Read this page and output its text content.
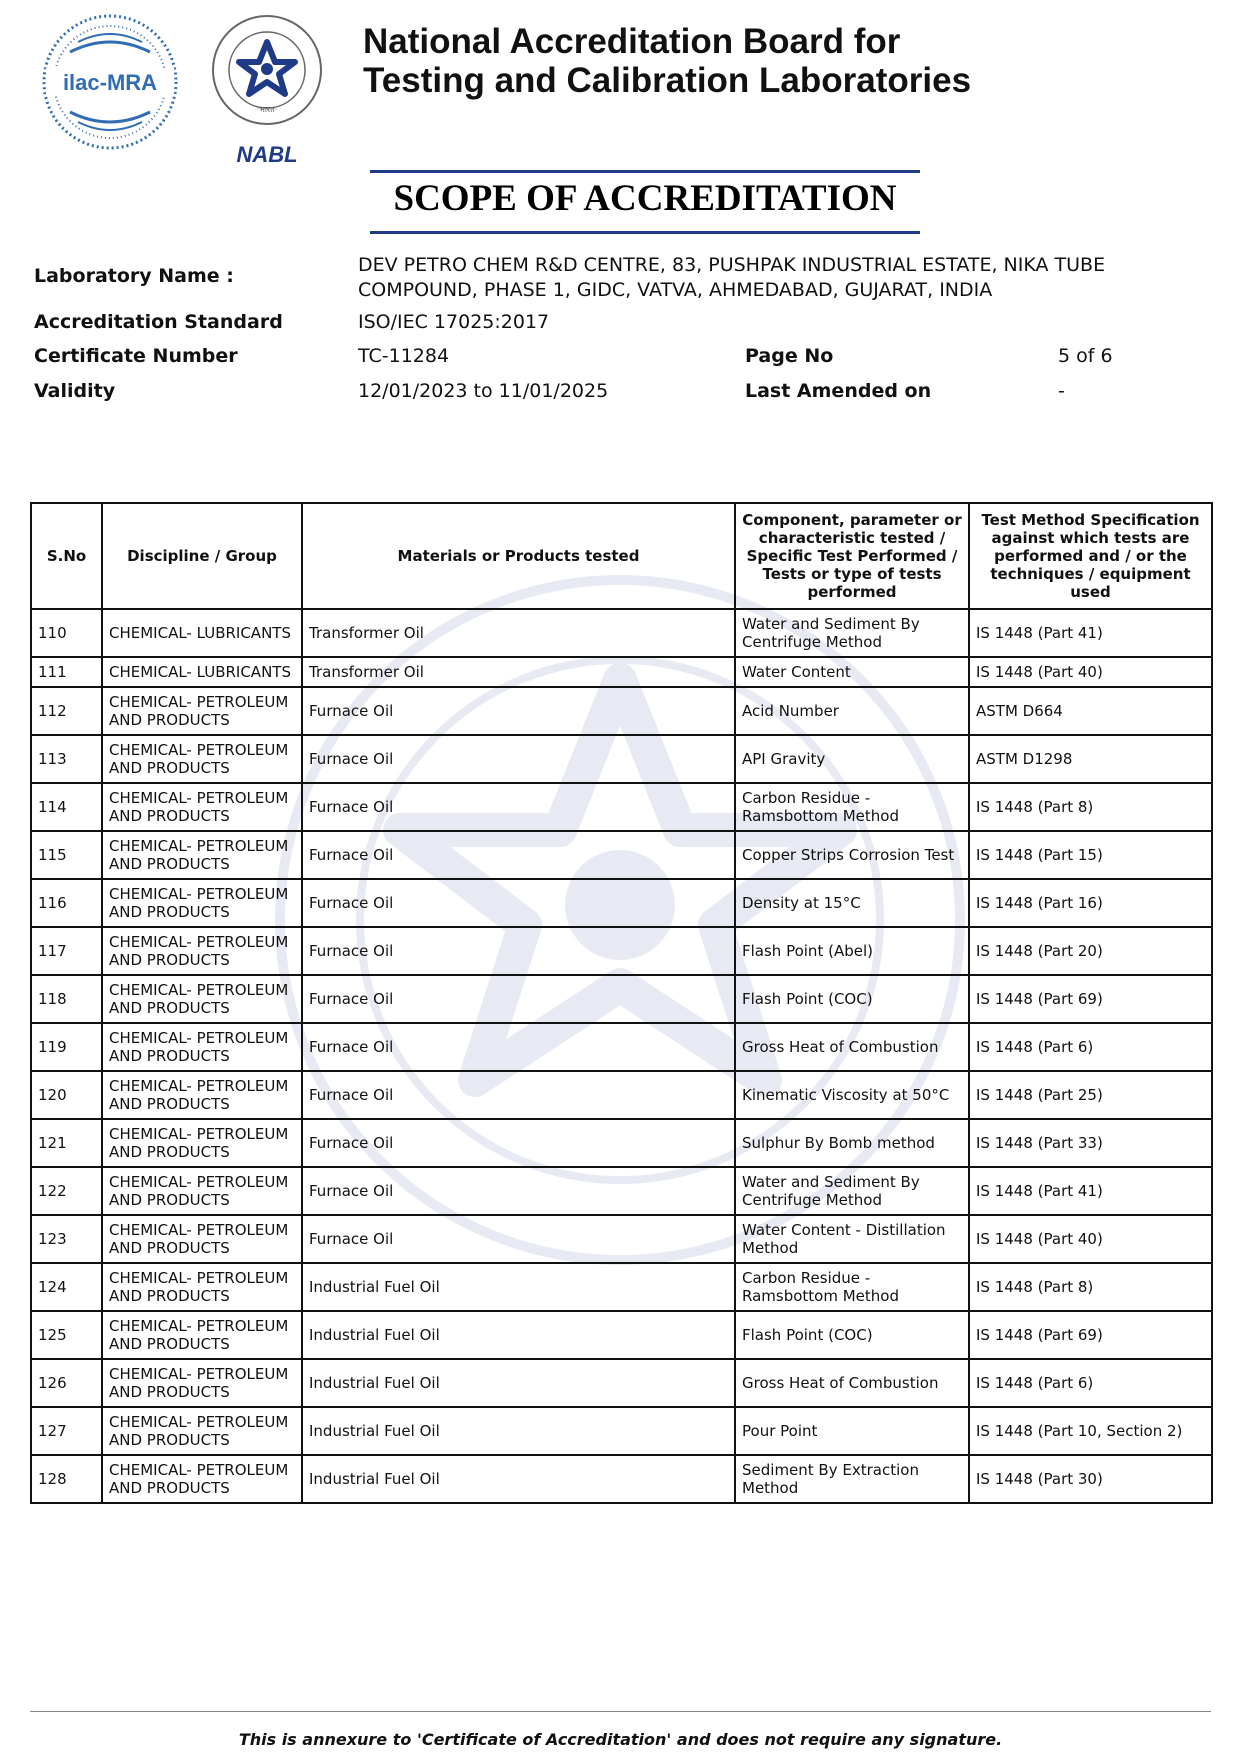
ilac-MRA
·भारत·
NABL
National Accreditation Board for
Testing and Calibration Laboratories
SCOPE OF ACCREDITATION
Laboratory Name :	DEV PETRO CHEM R&D CENTRE, 83, PUSHPAK INDUSTRIAL ESTATE, NIKA TUBE
COMPOUND, PHASE 1, GIDC, VATVA, AHMEDABAD, GUJARAT, INDIA
Accreditation Standard	ISO/IEC 17025:2017
Certificate Number	TC-11284	Page No	5 of 6
Validity	12/01/2023 to 11/01/2025	Last Amended on	-
S.No	Discipline / Group	Materials or Products tested	Component, parameter or characteristic tested / Specific Test Performed / Tests or type of tests performed	Test Method Specification against which tests are performed and / or the techniques / equipment used
110	CHEMICAL- LUBRICANTS	Transformer Oil	Water and Sediment By Centrifuge Method	IS 1448 (Part 41)
111	CHEMICAL- LUBRICANTS	Transformer Oil	Water Content	IS 1448 (Part 40)
112	CHEMICAL- PETROLEUM AND PRODUCTS	Furnace Oil	Acid Number	ASTM D664
113	CHEMICAL- PETROLEUM AND PRODUCTS	Furnace Oil	API Gravity	ASTM D1298
114	CHEMICAL- PETROLEUM AND PRODUCTS	Furnace Oil	Carbon Residue - Ramsbottom Method	IS 1448 (Part 8)
115	CHEMICAL- PETROLEUM AND PRODUCTS	Furnace Oil	Copper Strips Corrosion Test	IS 1448 (Part 15)
116	CHEMICAL- PETROLEUM AND PRODUCTS	Furnace Oil	Density at 15°C	IS 1448 (Part 16)
117	CHEMICAL- PETROLEUM AND PRODUCTS	Furnace Oil	Flash Point (Abel)	IS 1448 (Part 20)
118	CHEMICAL- PETROLEUM AND PRODUCTS	Furnace Oil	Flash Point (COC)	IS 1448 (Part 69)
119	CHEMICAL- PETROLEUM AND PRODUCTS	Furnace Oil	Gross Heat of Combustion	IS 1448 (Part 6)
120	CHEMICAL- PETROLEUM AND PRODUCTS	Furnace Oil	Kinematic Viscosity at 50°C	IS 1448 (Part 25)
121	CHEMICAL- PETROLEUM AND PRODUCTS	Furnace Oil	Sulphur By Bomb method	IS 1448 (Part 33)
122	CHEMICAL- PETROLEUM AND PRODUCTS	Furnace Oil	Water and Sediment By Centrifuge Method	IS 1448 (Part 41)
123	CHEMICAL- PETROLEUM AND PRODUCTS	Furnace Oil	Water Content - Distillation Method	IS 1448 (Part 40)
124	CHEMICAL- PETROLEUM AND PRODUCTS	Industrial Fuel Oil	Carbon Residue - Ramsbottom Method	IS 1448 (Part 8)
125	CHEMICAL- PETROLEUM AND PRODUCTS	Industrial Fuel Oil	Flash Point (COC)	IS 1448 (Part 69)
126	CHEMICAL- PETROLEUM AND PRODUCTS	Industrial Fuel Oil	Gross Heat of Combustion	IS 1448 (Part 6)
127	CHEMICAL- PETROLEUM AND PRODUCTS	Industrial Fuel Oil	Pour Point	IS 1448 (Part 10, Section 2)
128	CHEMICAL- PETROLEUM AND PRODUCTS	Industrial Fuel Oil	Sediment By Extraction Method	IS 1448 (Part 30)
This is annexure to 'Certificate of Accreditation' and does not require any signature.
